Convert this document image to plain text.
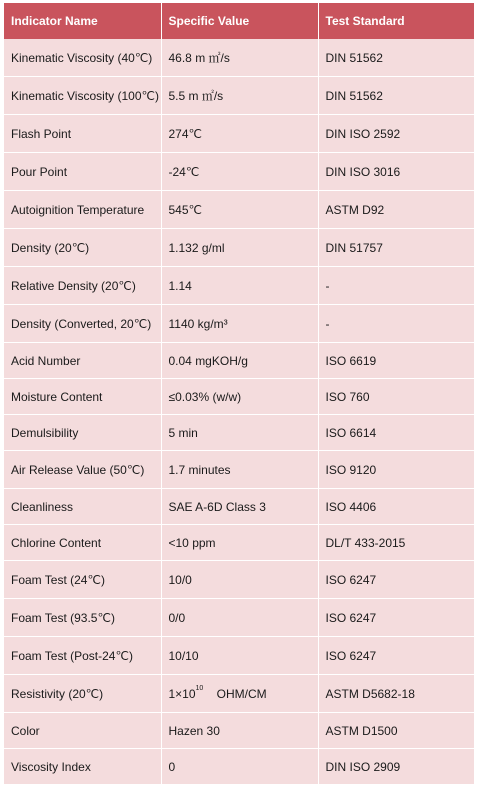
Indicator Name	Specific Value	Test Standard
Kinematic Viscosity (40℃)	46.8 m ㎡/s	DIN 51562
Kinematic Viscosity (100℃)	5.5 m ㎡/s	DIN 51562
Flash Point	274℃	DIN ISO 2592
Pour Point	-24℃	DIN ISO 3016
Autoignition Temperature	545℃	ASTM D92
Density (20℃)	1.132 g/ml	DIN 51757
Relative Density (20℃)	1.14	-
Density (Converted, 20℃)	1140 kg/m³	-
Acid Number	0.04 mgKOH/g	ISO 6619
Moisture Content	≤0.03% (w/w)	ISO 760
Demulsibility	5 min	ISO 6614
Air Release Value (50℃)	1.7 minutes	ISO 9120
Cleanliness	SAE A-6D Class 3	ISO 4406
Chlorine Content	<10 ppm	DL/T 433-2015
Foam Test (24℃)	10/0	ISO 6247
Foam Test (93.5℃)	0/0	ISO 6247
Foam Test (Post-24℃)	10/10	ISO 6247
Resistivity (20℃)	$1\times 10^{10}$ OHM/CM	ASTM D5682-18
Color	Hazen 30	ASTM D1500
Viscosity Index	0	DIN ISO 2909
